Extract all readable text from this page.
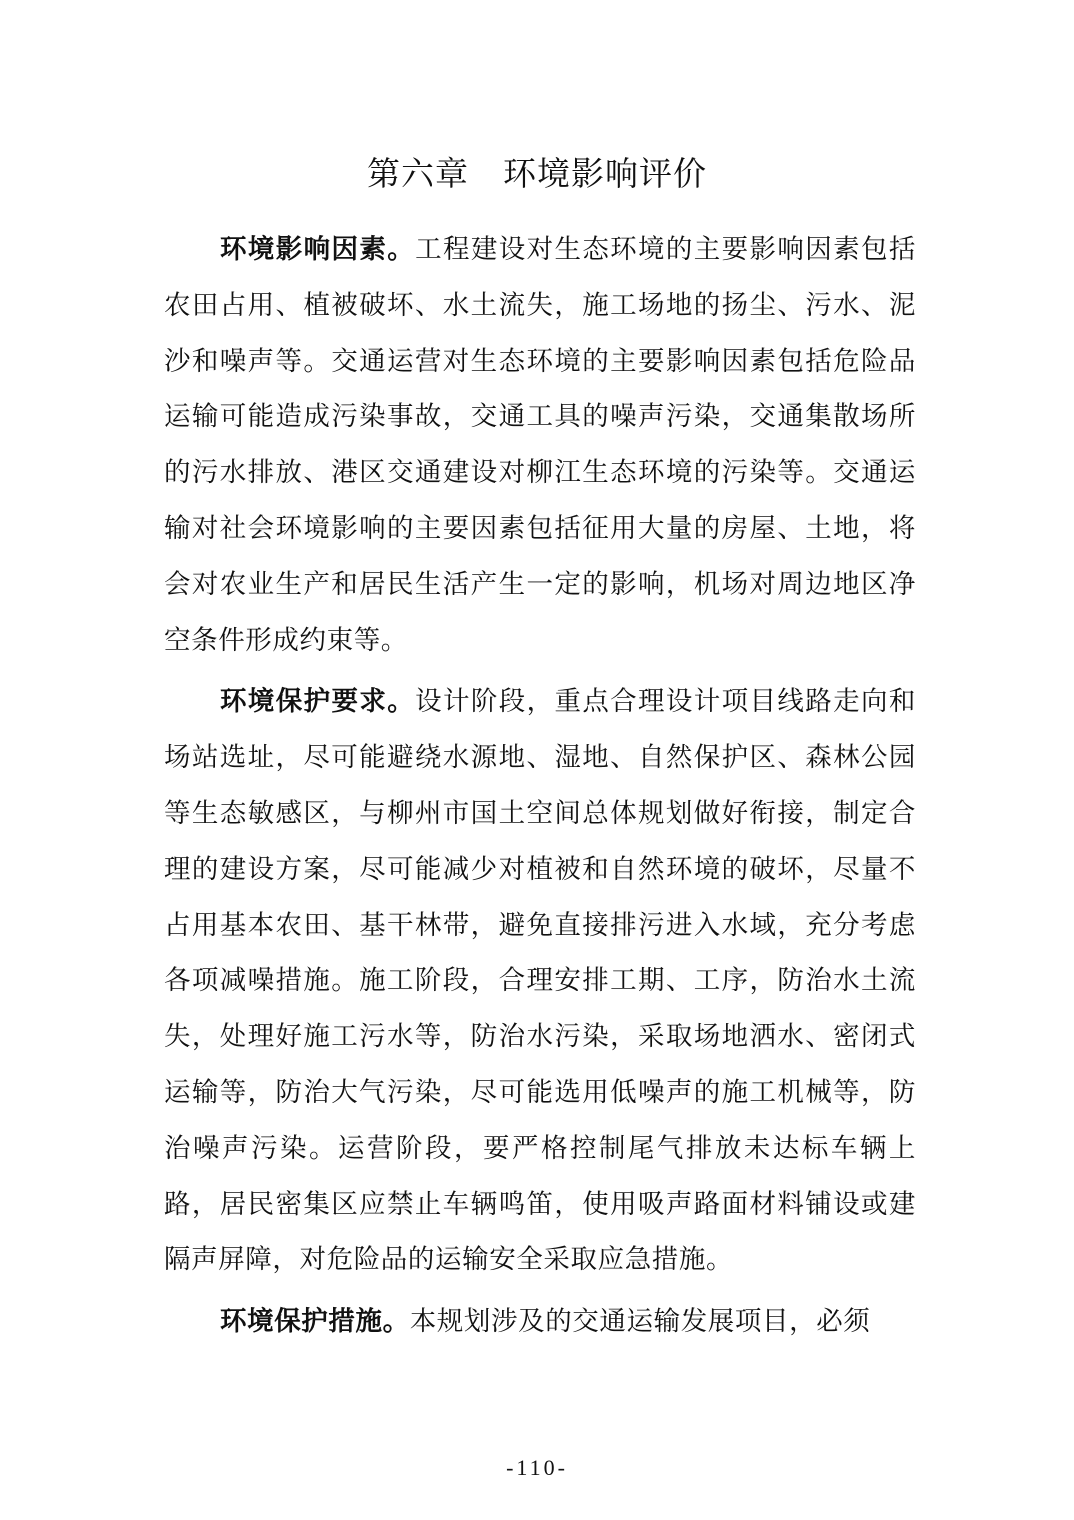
第六章 环境影响评价

环境影响因素。工程建设对生态环境的主要影响因素包括农田占用、植被破坏、水土流失，施工场地的扬尘、污水、泥沙和噪声等。交通运营对生态环境的主要影响因素包括危险品运输可能造成污染事故，交通工具的噪声污染，交通集散场所的污水排放、港区交通建设对柳江生态环境的污染等。交通运输对社会环境影响的主要因素包括征用大量的房屋、土地，将会对农业生产和居民生活产生一定的影响，机场对周边地区净空条件形成约束等。

环境保护要求。设计阶段，重点合理设计项目线路走向和场站选址，尽可能避绕水源地、湿地、自然保护区、森林公园等生态敏感区，与柳州市国土空间总体规划做好衔接，制定合理的建设方案，尽可能减少对植被和自然环境的破坏，尽量不占用基本农田、基干林带，避免直接排污进入水域，充分考虑各项减噪措施。施工阶段，合理安排工期、工序，防治水土流失，处理好施工污水等，防治水污染，采取场地洒水、密闭式运输等，防治大气污染，尽可能选用低噪声的施工机械等，防治噪声污染。运营阶段，要严格控制尾气排放未达标车辆上路，居民密集区应禁止车辆鸣笛，使用吸声路面材料铺设或建隔声屏障，对危险品的运输安全采取应急措施。

环境保护措施。本规划涉及的交通运输发展项目，必须

-110-
